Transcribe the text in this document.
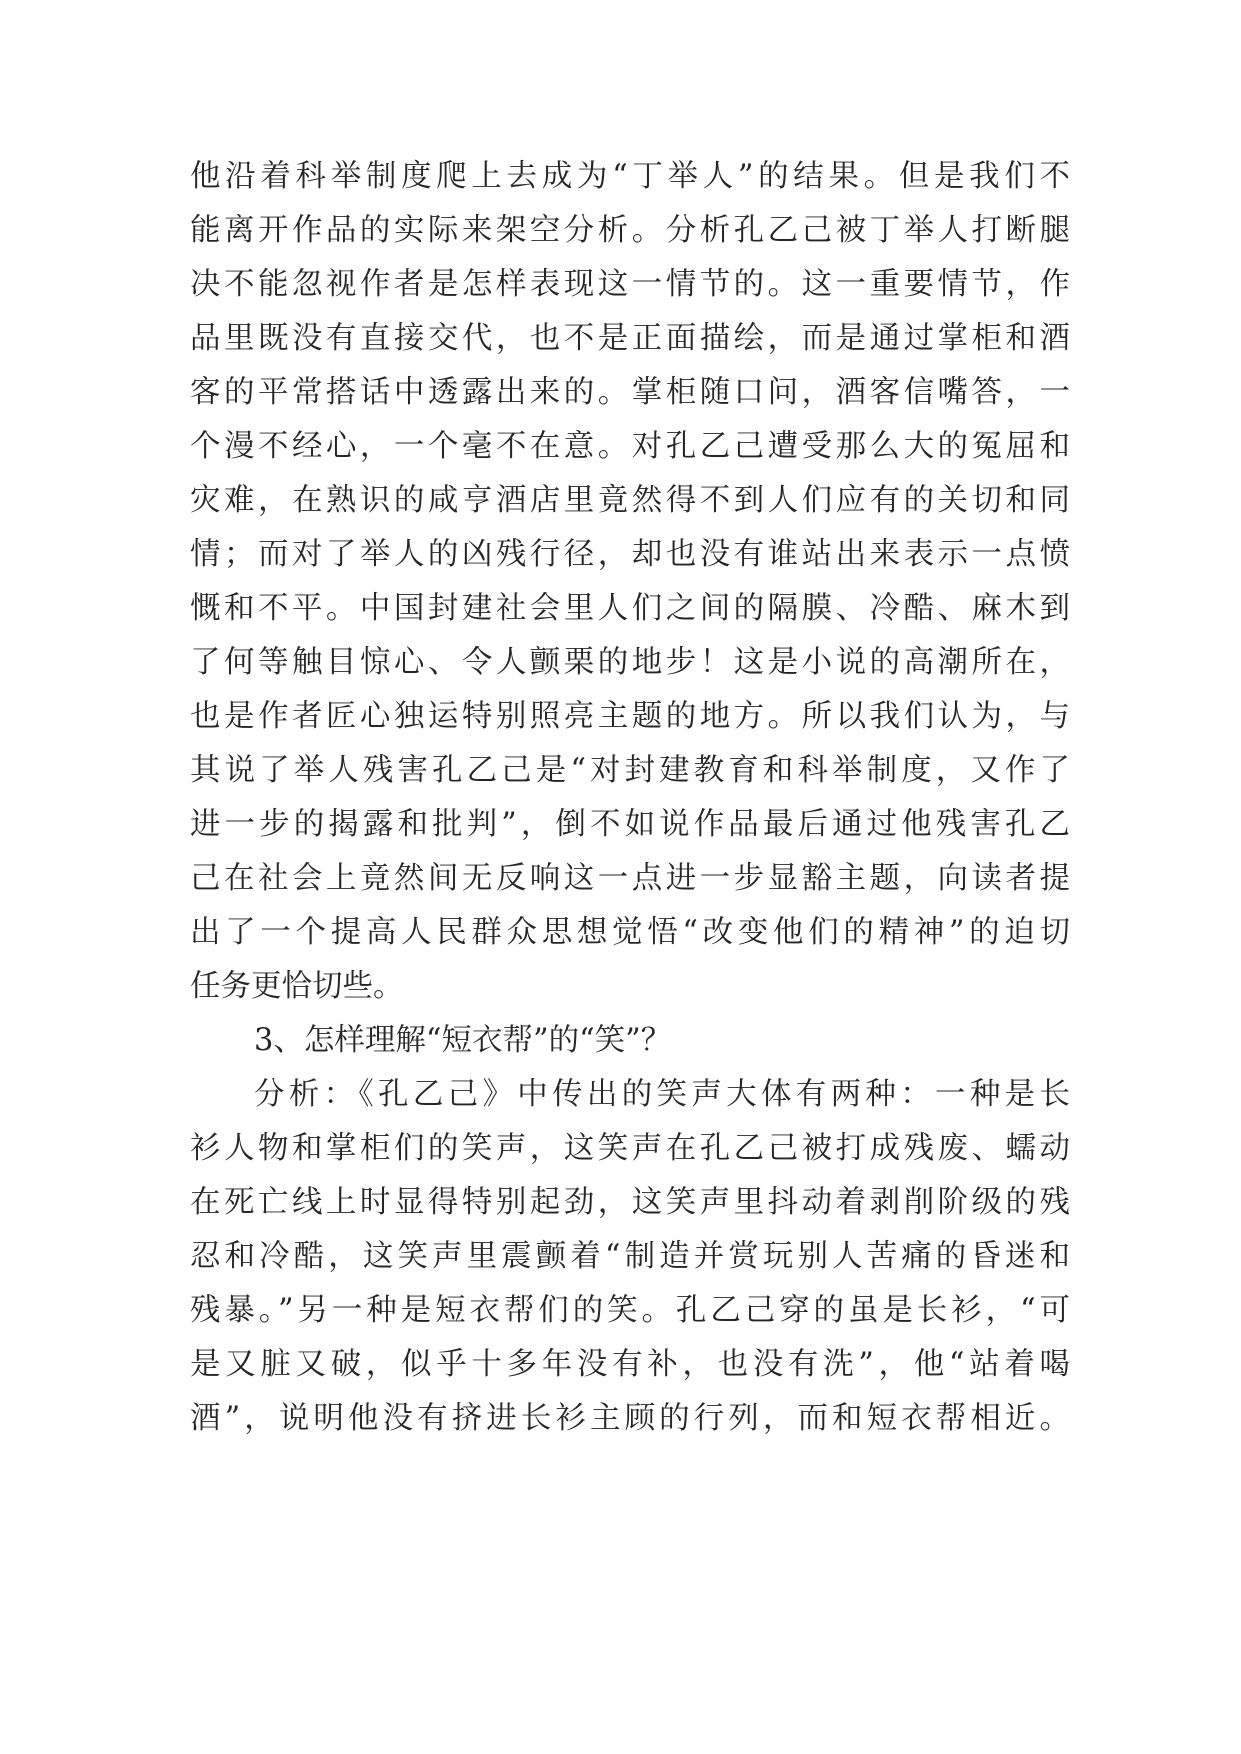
他沿着科举制度爬上去成为“丁举人”的结果。但是我们不
能离开作品的实际来架空分析。分析孔乙己被丁举人打断腿
决不能忽视作者是怎样表现这一情节的。这一重要情节，作
品里既没有直接交代，也不是正面描绘，而是通过掌柜和酒
客的平常搭话中透露出来的。掌柜随口问，酒客信嘴答，一
个漫不经心，一个毫不在意。对孔乙己遭受那么大的冤屈和
灾难，在熟识的咸亨酒店里竟然得不到人们应有的关切和同
情；而对了举人的凶残行径，却也没有谁站出来表示一点愤
慨和不平。中国封建社会里人们之间的隔膜、冷酷、麻木到
了何等触目惊心、令人颤栗的地步！这是小说的高潮所在，
也是作者匠心独运特别照亮主题的地方。所以我们认为，与
其说了举人残害孔乙己是“对封建教育和科举制度，又作了
进一步的揭露和批判”，倒不如说作品最后通过他残害孔乙
己在社会上竟然间无反响这一点进一步显豁主题，向读者提
出了一个提高人民群众思想觉悟“改变他们的精神”的迫切
任务更恰切些。
3、怎样理解“短衣帮”的“笑”？
分析：《孔乙己》中传出的笑声大体有两种：一种是长
衫人物和掌柜们的笑声，这笑声在孔乙己被打成残废、蠕动
在死亡线上时显得特别起劲，这笑声里抖动着剥削阶级的残
忍和冷酷，这笑声里震颤着“制造并赏玩别人苦痛的昏迷和
残暴。”另一种是短衣帮们的笑。孔乙己穿的虽是长衫，“可
是又脏又破，似乎十多年没有补，也没有洗”，他“站着喝
酒”，说明他没有挤进长衫主顾的行列，而和短衣帮相近。
